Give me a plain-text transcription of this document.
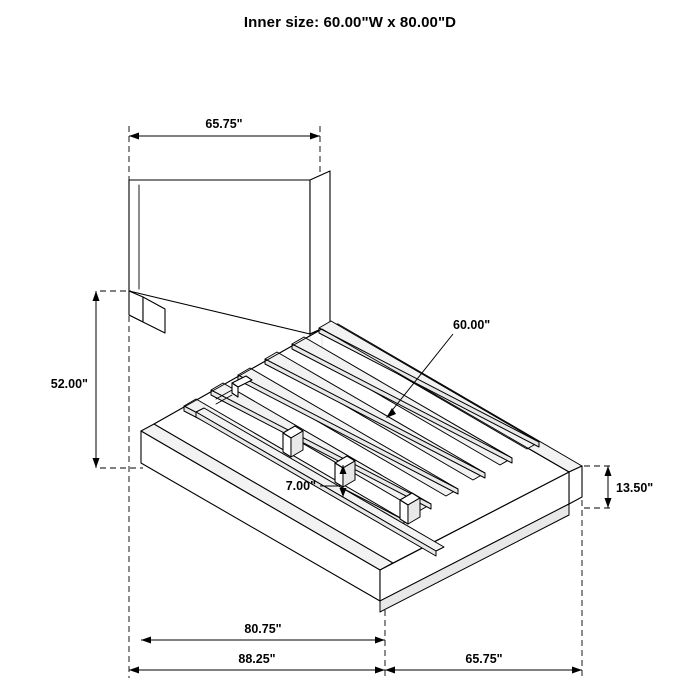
Inner size: 60.00"W x 80.00"D
65.75"
52.00"
60.00"
7.00"	13.50"
80.75"
88.25"	65.75"
